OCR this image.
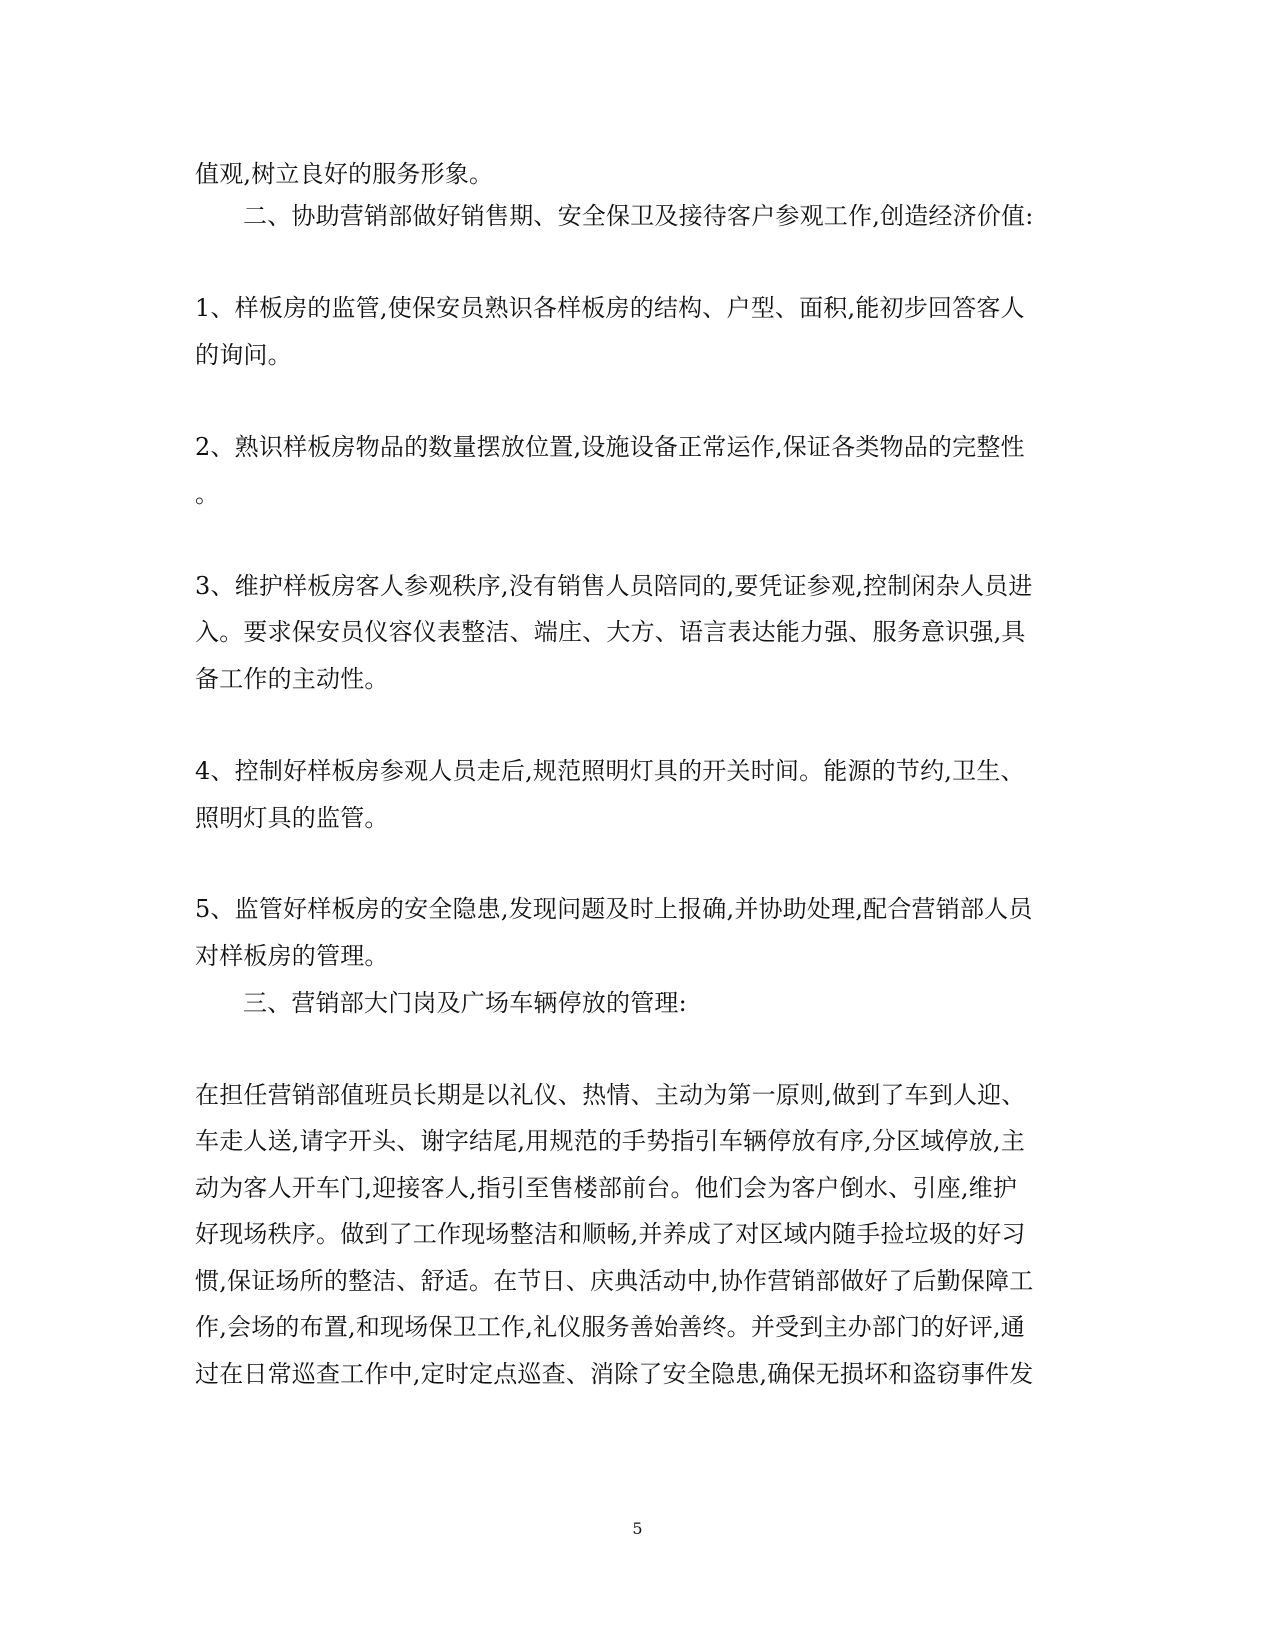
值观,树立良好的服务形象。
二、协助营销部做好销售期、安全保卫及接待客户参观工作,创造经济价值:
1、样板房的监管,使保安员熟识各样板房的结构、户型、面积,能初步回答客人
的询问。
2、熟识样板房物品的数量摆放位置,设施设备正常运作,保证各类物品的完整性
。
3、维护样板房客人参观秩序,没有销售人员陪同的,要凭证参观,控制闲杂人员进
入。要求保安员仪容仪表整洁、端庄、大方、语言表达能力强、服务意识强,具
备工作的主动性。
4、控制好样板房参观人员走后,规范照明灯具的开关时间。能源的节约,卫生、
照明灯具的监管。
5、监管好样板房的安全隐患,发现问题及时上报确,并协助处理,配合营销部人员
对样板房的管理。
三、营销部大门岗及广场车辆停放的管理:
在担任营销部值班员长期是以礼仪、热情、主动为第一原则,做到了车到人迎、
车走人送,请字开头、谢字结尾,用规范的手势指引车辆停放有序,分区域停放,主
动为客人开车门,迎接客人,指引至售楼部前台。他们会为客户倒水、引座,维护
好现场秩序。做到了工作现场整洁和顺畅,并养成了对区域内随手捡垃圾的好习
惯,保证场所的整洁、舒适。在节日、庆典活动中,协作营销部做好了后勤保障工
作,会场的布置,和现场保卫工作,礼仪服务善始善终。并受到主办部门的好评,通
过在日常巡查工作中,定时定点巡查、消除了安全隐患,确保无损坏和盗窃事件发
5
